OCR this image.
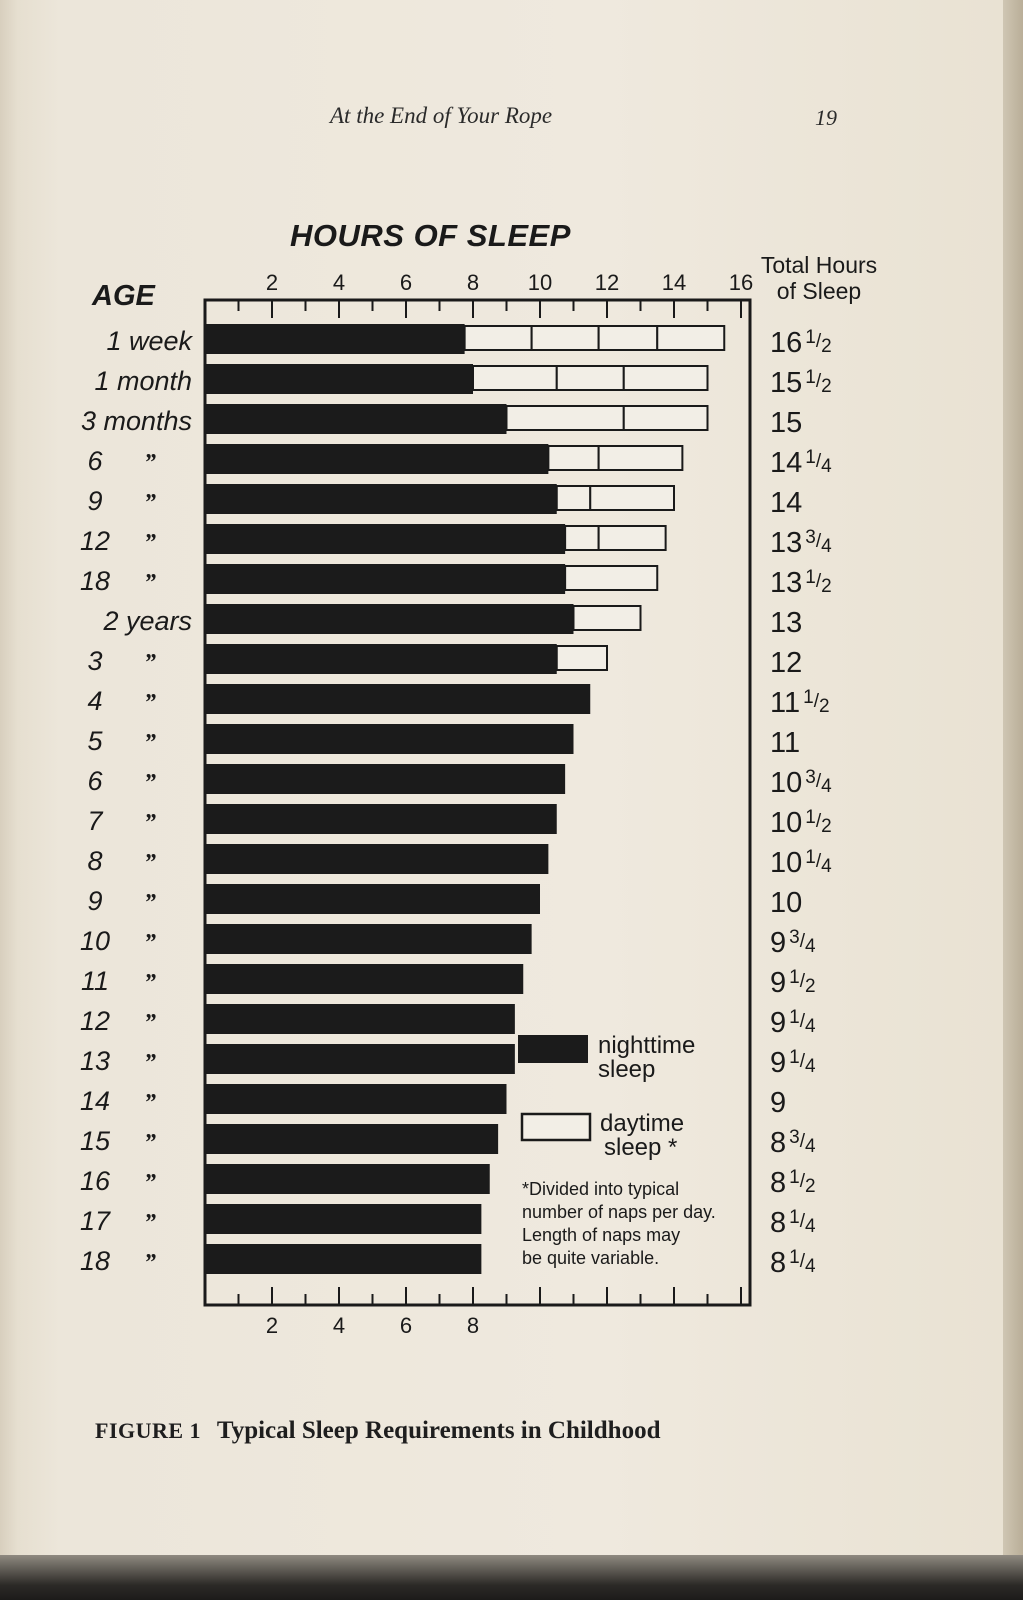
At the End of Your Rope	19
HOURS OF SLEEP
AGE
Total Hours
of Sleep
2 4 6 8 10 12 14 16
2 4 6 8
1 week	16 $^1$/2
1 month	15 $^1$/2
3 months	15
6 ”	14 $^1$/4
9 ”	14
12 ”	13 $^3$/4
18 ”	13 $^1$/2
2 years	13
3 ”	12
4 ”	11 $^1$/2
5 ”	11
6 ”	10 $^3$/4
7 ”	10 $^1$/2
8 ”	10 $^1$/4
9 ”	10
10 ”	9 $^3$/4
11 ”	9 $^1$/2
12 ”	9 $^1$/4
13 ”	9 $^1$/4
14 ”	9
15 ”	8 $^3$/4
16 ”	8 $^1$/2
17 ”	8 $^1$/4
18 ”	8 $^1$/4
nighttime
sleep
daytime
sleep *
*Divided into typical
number of naps per day.
Length of naps may
be quite variable.
FIGURE 1 Typical Sleep Requirements in Childhood
